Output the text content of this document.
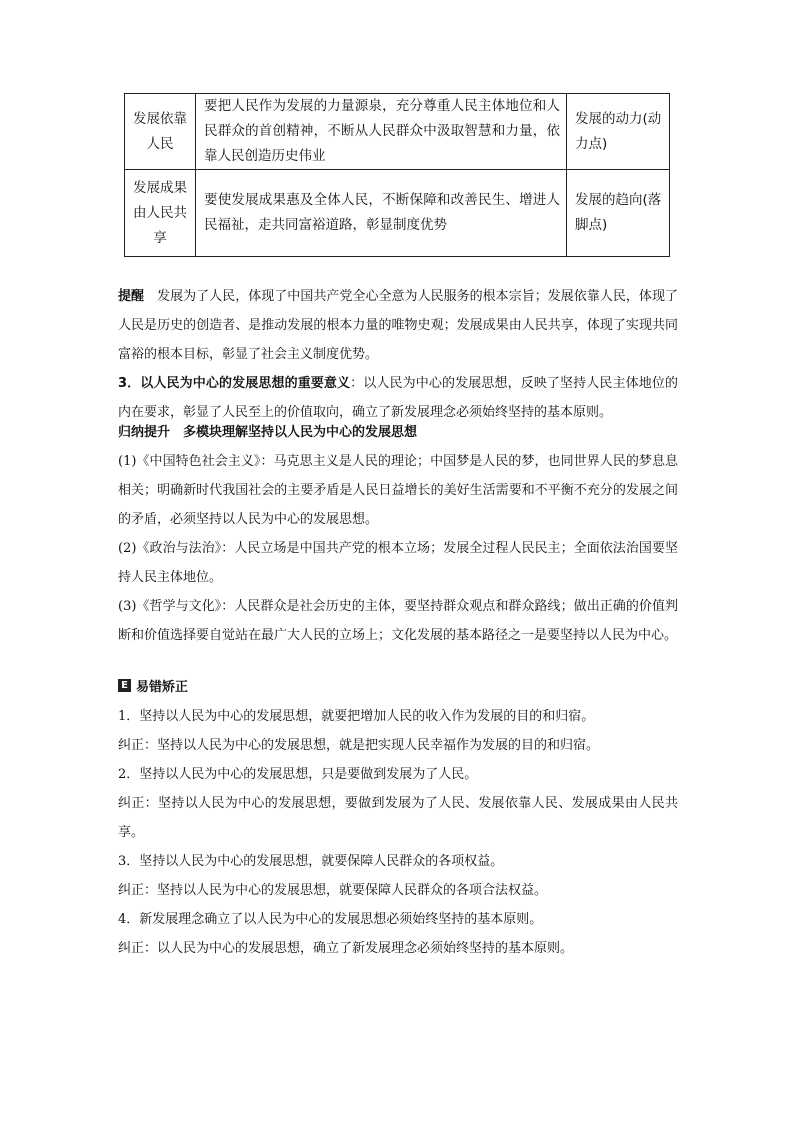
发展依靠人民	要把人民作为发展的力量源泉，充分尊重人民主体地位和人民群众的首创精神，不断从人民群众中汲取智慧和力量，依靠人民创造历史伟业	发展的动力(动力点)
发展成果由人民共享	要使发展成果惠及全体人民，不断保障和改善民生、增进人民福祉，走共同富裕道路，彰显制度优势	发展的趋向(落脚点)
提醒　发展为了人民，体现了中国共产党全心全意为人民服务的根本宗旨；发展依靠人民，体现了人民是历史的创造者、是推动发展的根本力量的唯物史观；发展成果由人民共享，体现了实现共同富裕的根本目标，彰显了社会主义制度优势。
3．以人民为中心的发展思想的重要意义：以人民为中心的发展思想，反映了坚持人民主体地位的内在要求，彰显了人民至上的价值取向，确立了新发展理念必须始终坚持的基本原则。
归纳提升　多模块理解坚持以人民为中心的发展思想
(1)《中国特色社会主义》：马克思主义是人民的理论；中国梦是人民的梦，也同世界人民的梦息息相关；明确新时代我国社会的主要矛盾是人民日益增长的美好生活需要和不平衡不充分的发展之间的矛盾，必须坚持以人民为中心的发展思想。
(2)《政治与法治》：人民立场是中国共产党的根本立场；发展全过程人民民主；全面依法治国要坚持人民主体地位。
(3)《哲学与文化》：人民群众是社会历史的主体，要坚持群众观点和群众路线；做出正确的价值判断和价值选择要自觉站在最广大人民的立场上；文化发展的基本路径之一是要坚持以人民为中心。
E 易错矫正
1．坚持以人民为中心的发展思想，就要把增加人民的收入作为发展的目的和归宿。
纠正：坚持以人民为中心的发展思想，就是把实现人民幸福作为发展的目的和归宿。
2．坚持以人民为中心的发展思想，只是要做到发展为了人民。
纠正：坚持以人民为中心的发展思想，要做到发展为了人民、发展依靠人民、发展成果由人民共享。
3．坚持以人民为中心的发展思想，就要保障人民群众的各项权益。
纠正：坚持以人民为中心的发展思想，就要保障人民群众的各项合法权益。
4．新发展理念确立了以人民为中心的发展思想必须始终坚持的基本原则。
纠正：以人民为中心的发展思想，确立了新发展理念必须始终坚持的基本原则。
